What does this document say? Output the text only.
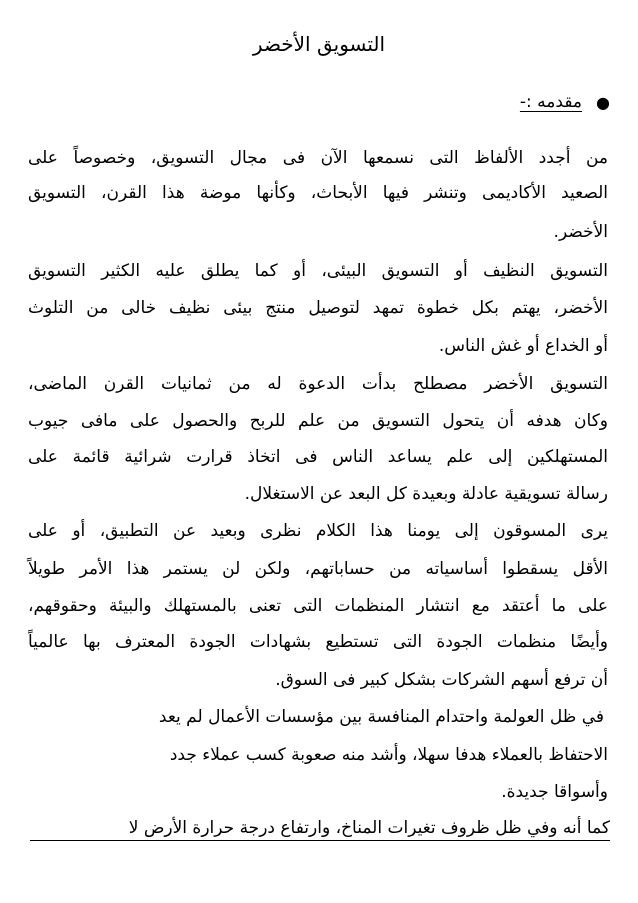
التسويق الأخضر
●
مقدمه :-
من أجدد الألفاظ التى نسمعها الآن فى مجال التسويق، وخصوصاً على
الصعيد الأكاديمى وتنشر فيها الأبحاث، وكأنها موضة هذا القرن، التسويق
الأخضر.
التسويق النظيف أو التسويق البيئى، أو كما يطلق عليه الكثير التسويق
الأخضر، يهتم بكل خطوة تمهد لتوصيل منتج بيئى نظيف خالى من التلوث
أو الخداع أو غش الناس.
التسويق الأخضر مصطلح بدأت الدعوة له من ثمانيات القرن الماضى،
وكان هدفه أن يتحول التسويق من علم للربح والحصول على مافى جيوب
المستهلكين إلى علم يساعد الناس فى اتخاذ قرارت شرائية قائمة على
رسالة تسويقية عادلة وبعيدة كل البعد عن الاستغلال.
يرى المسوقون إلى يومنا هذا الكلام نظرى وبعيد عن التطبيق، أو على
الأقل يسقطوا أساسياته من حساباتهم، ولكن لن يستمر هذا الأمر طويلاً
على ما أعتقد مع انتشار المنظمات التى تعنى بالمستهلك والبيئة وحقوقهم،
وأيضًا منظمات الجودة التى تستطيع بشهادات الجودة المعترف بها عالمياً
أن ترفع أسهم الشركات بشكل كبير فى السوق.
في ظل العولمة واحتدام المنافسة بين مؤسسات الأعمال لم يعد
الاحتفاظ بالعملاء هدفا سهلا، وأشد منه صعوبة كسب عملاء جدد
وأسواقا جديدة.
كما أنه وفي ظل ظروف تغيرات المناخ، وارتفاع درجة حرارة الأرض لا
